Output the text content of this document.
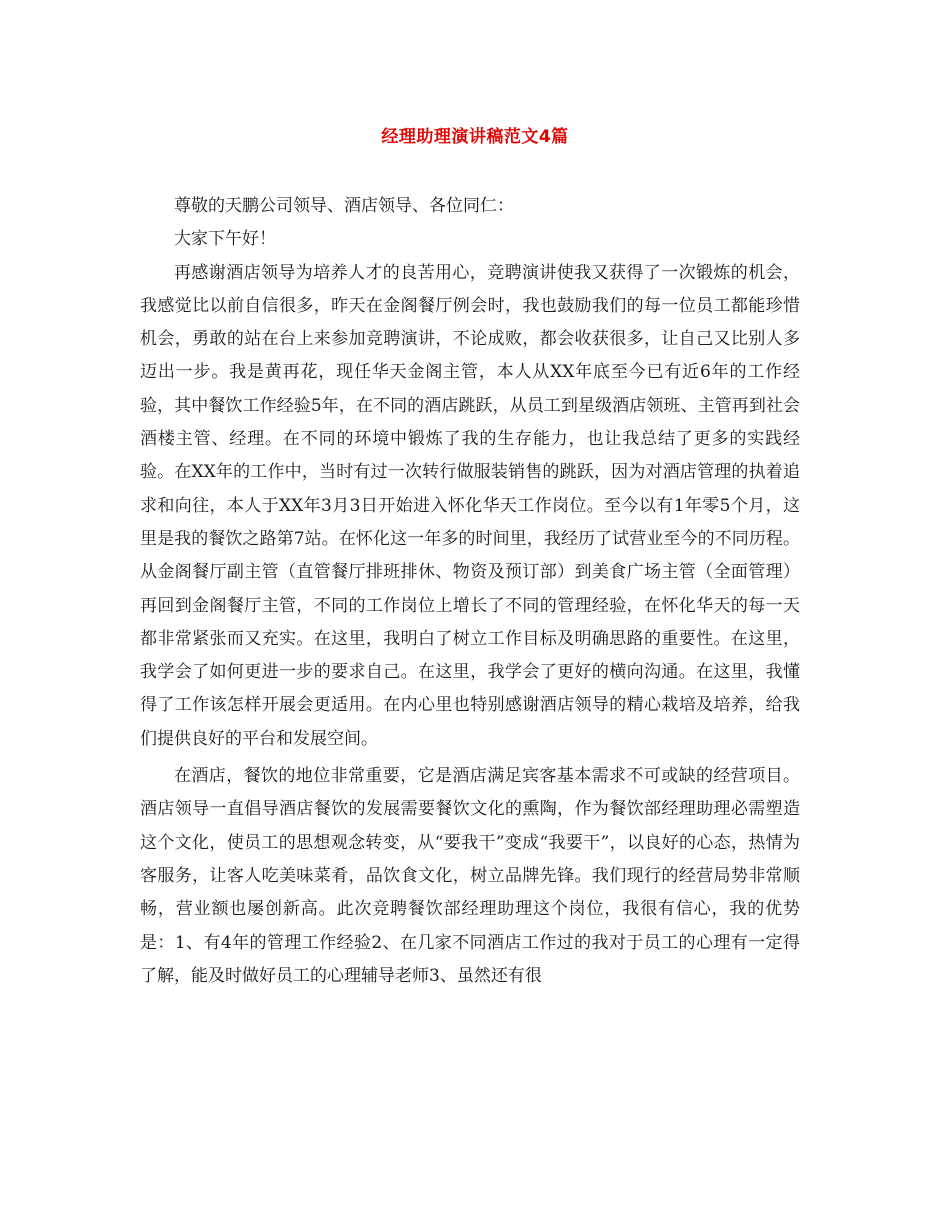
经理助理演讲稿范文4篇

尊敬的天鹏公司领导、酒店领导、各位同仁：

大家下午好！

再感谢酒店领导为培养人才的良苦用心，竞聘演讲使我又获得了一次锻炼的机会，我感觉比以前自信很多，昨天在金阁餐厅例会时，我也鼓励我们的每一位员工都能珍惜机会，勇敢的站在台上来参加竞聘演讲，不论成败，都会收获很多，让自己又比别人多迈出一步。我是黄再花，现任华天金阁主管，本人从XX年底至今已有近6年的工作经验，其中餐饮工作经验5年，在不同的酒店跳跃，从员工到星级酒店领班、主管再到社会酒楼主管、经理。在不同的环境中锻炼了我的生存能力，也让我总结了更多的实践经验。在XX年的工作中，当时有过一次转行做服装销售的跳跃，因为对酒店管理的执着追求和向往，本人于XX年3月3日开始进入怀化华天工作岗位。至今以有1年零5个月，这里是我的餐饮之路第7站。在怀化这一年多的时间里，我经历了试营业至今的不同历程。从金阁餐厅副主管（直管餐厅排班排休、物资及预订部）到美食广场主管（全面管理）再回到金阁餐厅主管，不同的工作岗位上增长了不同的管理经验，在怀化华天的每一天都非常紧张而又充实。在这里，我明白了树立工作目标及明确思路的重要性。在这里，我学会了如何更进一步的要求自己。在这里，我学会了更好的横向沟通。在这里，我懂得了工作该怎样开展会更适用。在内心里也特别感谢酒店领导的精心栽培及培养，给我们提供良好的平台和发展空间。

在酒店，餐饮的地位非常重要，它是酒店满足宾客基本需求不可或缺的经营项目。酒店领导一直倡导酒店餐饮的发展需要餐饮文化的熏陶，作为餐饮部经理助理必需塑造这个文化，使员工的思想观念转变，从“要我干”变成“我要干”，以良好的心态，热情为客服务，让客人吃美味菜肴，品饮食文化，树立品牌先锋。我们现行的经营局势非常顺畅，营业额也屡创新高。此次竞聘餐饮部经理助理这个岗位，我很有信心，我的优势是：1、有4年的管理工作经验2、在几家不同酒店工作过的我对于员工的心理有一定得了解，能及时做好员工的心理辅导老师3、虽然还有很
